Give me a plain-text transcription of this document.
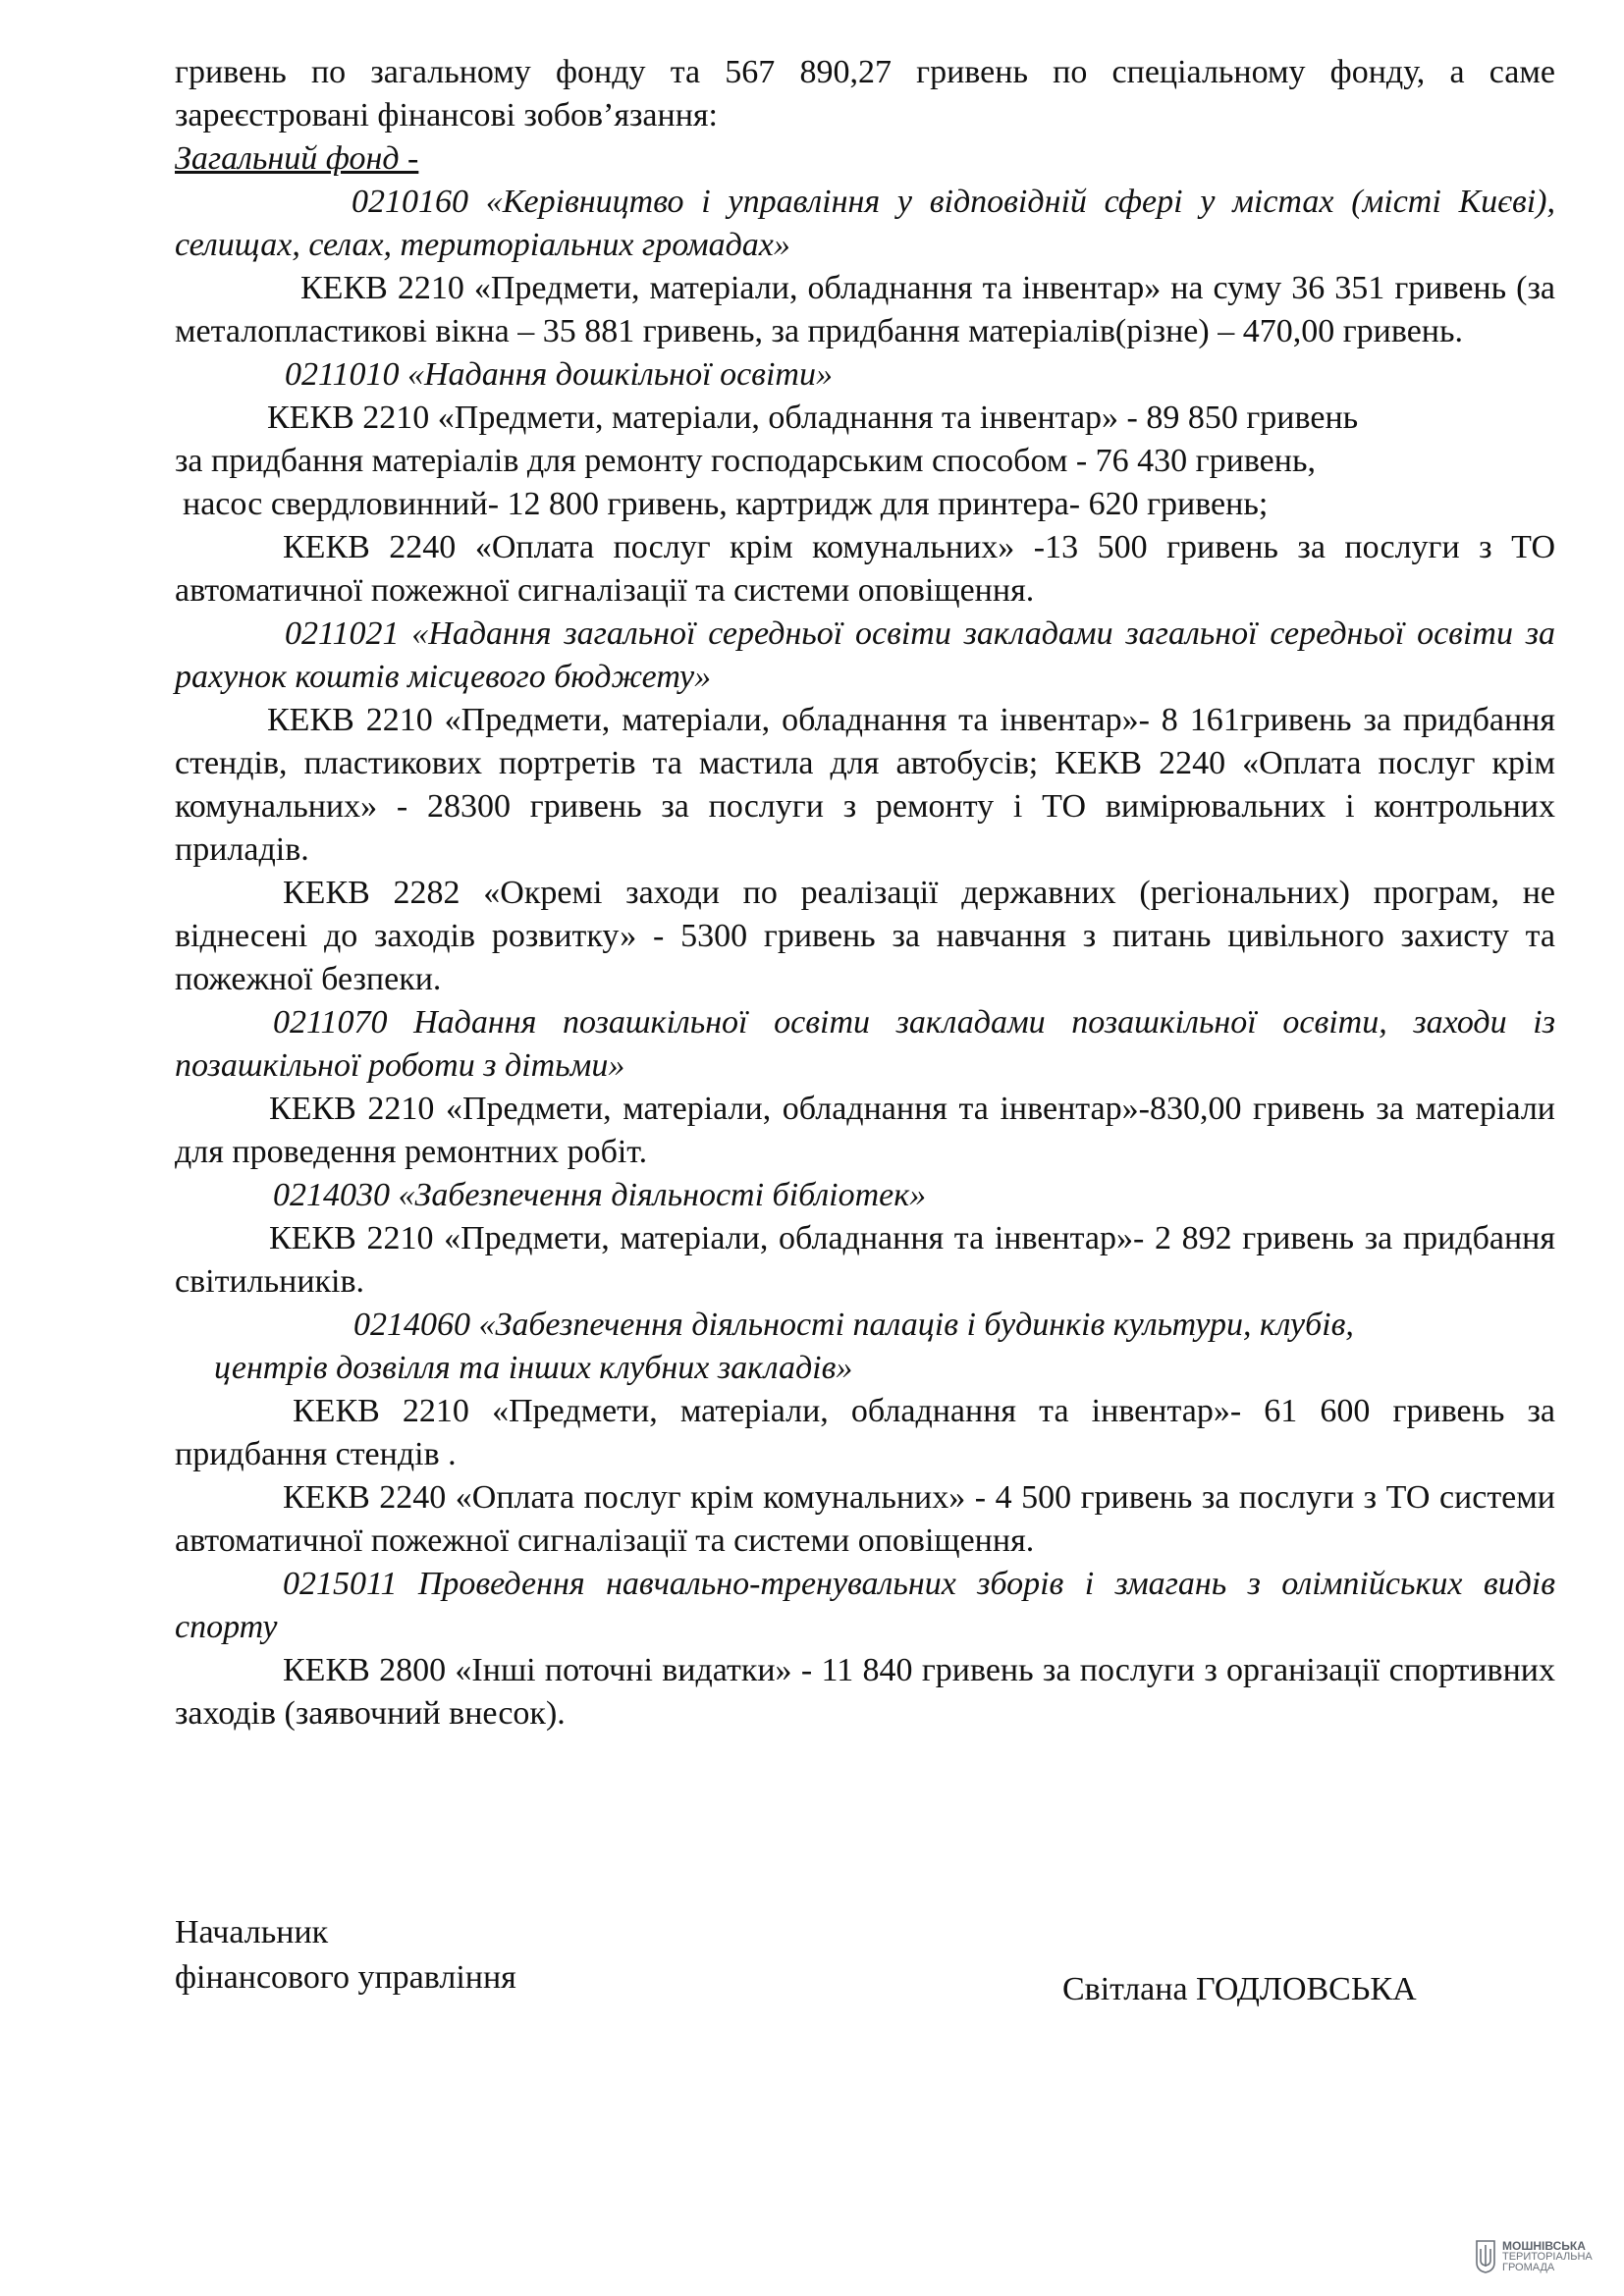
гривень по загальному фонду та 567 890,27 гривень по спеціальному фонду, а саме зареєстровані фінансові зобов’язання:

Загальний фонд -

0210160 «Керівництво і управління у відповідній сфері у містах (місті Києві), селищах, селах, територіальних громадах»

КЕКВ 2210 «Предмети, матеріали, обладнання та інвентар» на суму 36 351 гривень (за металопластикові вікна – 35 881 гривень, за придбання матеріалів(різне) – 470,00 гривень.

0211010 «Надання дошкільної освіти»

КЕКВ 2210 «Предмети, матеріали, обладнання та інвентар» - 89 850 гривень

за придбання матеріалів для ремонту господарським способом - 76 430 гривень,

насос свердловинний- 12 800 гривень, картридж для принтера- 620 гривень;

КЕКВ 2240 «Оплата послуг крім комунальних» -13 500 гривень за послуги з ТО автоматичної пожежної сигналізації та системи оповіщення.

0211021 «Надання загальної середньої освіти закладами загальної середньої освіти за рахунок коштів місцевого бюджету»

КЕКВ 2210 «Предмети, матеріали, обладнання та інвентар»- 8 161гривень за придбання стендів, пластикових портретів та мастила для автобусів; КЕКВ 2240 «Оплата послуг крім комунальних» - 28300 гривень за послуги з ремонту і ТО вимірювальних і контрольних приладів.

КЕКВ 2282 «Окремі заходи по реалізації державних (регіональних) програм, не віднесені до заходів розвитку» - 5300 гривень за навчання з питань цивільного захисту та пожежної безпеки.

0211070 Надання позашкільної освіти закладами позашкільної освіти, заходи із позашкільної роботи з дітьми»

КЕКВ 2210 «Предмети, матеріали, обладнання та інвентар»-830,00 гривень за матеріали для проведення ремонтних робіт.

0214030 «Забезпечення діяльності бібліотек»

КЕКВ 2210 «Предмети, матеріали, обладнання та інвентар»- 2 892 гривень за придбання світильників.

0214060 «Забезпечення діяльності палаців і будинків культури, клубів,

центрів дозвілля та інших клубних закладів»

КЕКВ 2210 «Предмети, матеріали, обладнання та інвентар»- 61 600 гривень за придбання стендів .

КЕКВ 2240 «Оплата послуг крім комунальних» - 4 500 гривень за послуги з ТО системи автоматичної пожежної сигналізації та системи оповіщення.

0215011 Проведення навчально-тренувальних зборів і змагань з олімпійських видів спорту

КЕКВ 2800 «Інші поточні видатки» - 11 840 гривень за послуги з організації спортивних заходів (заявочний внесок).

Начальник
фінансового управління	Світлана ГОДЛОВСЬКА
МОШНІВСЬКА
ТЕРИТОРІАЛЬНА
ГРОМАДА
